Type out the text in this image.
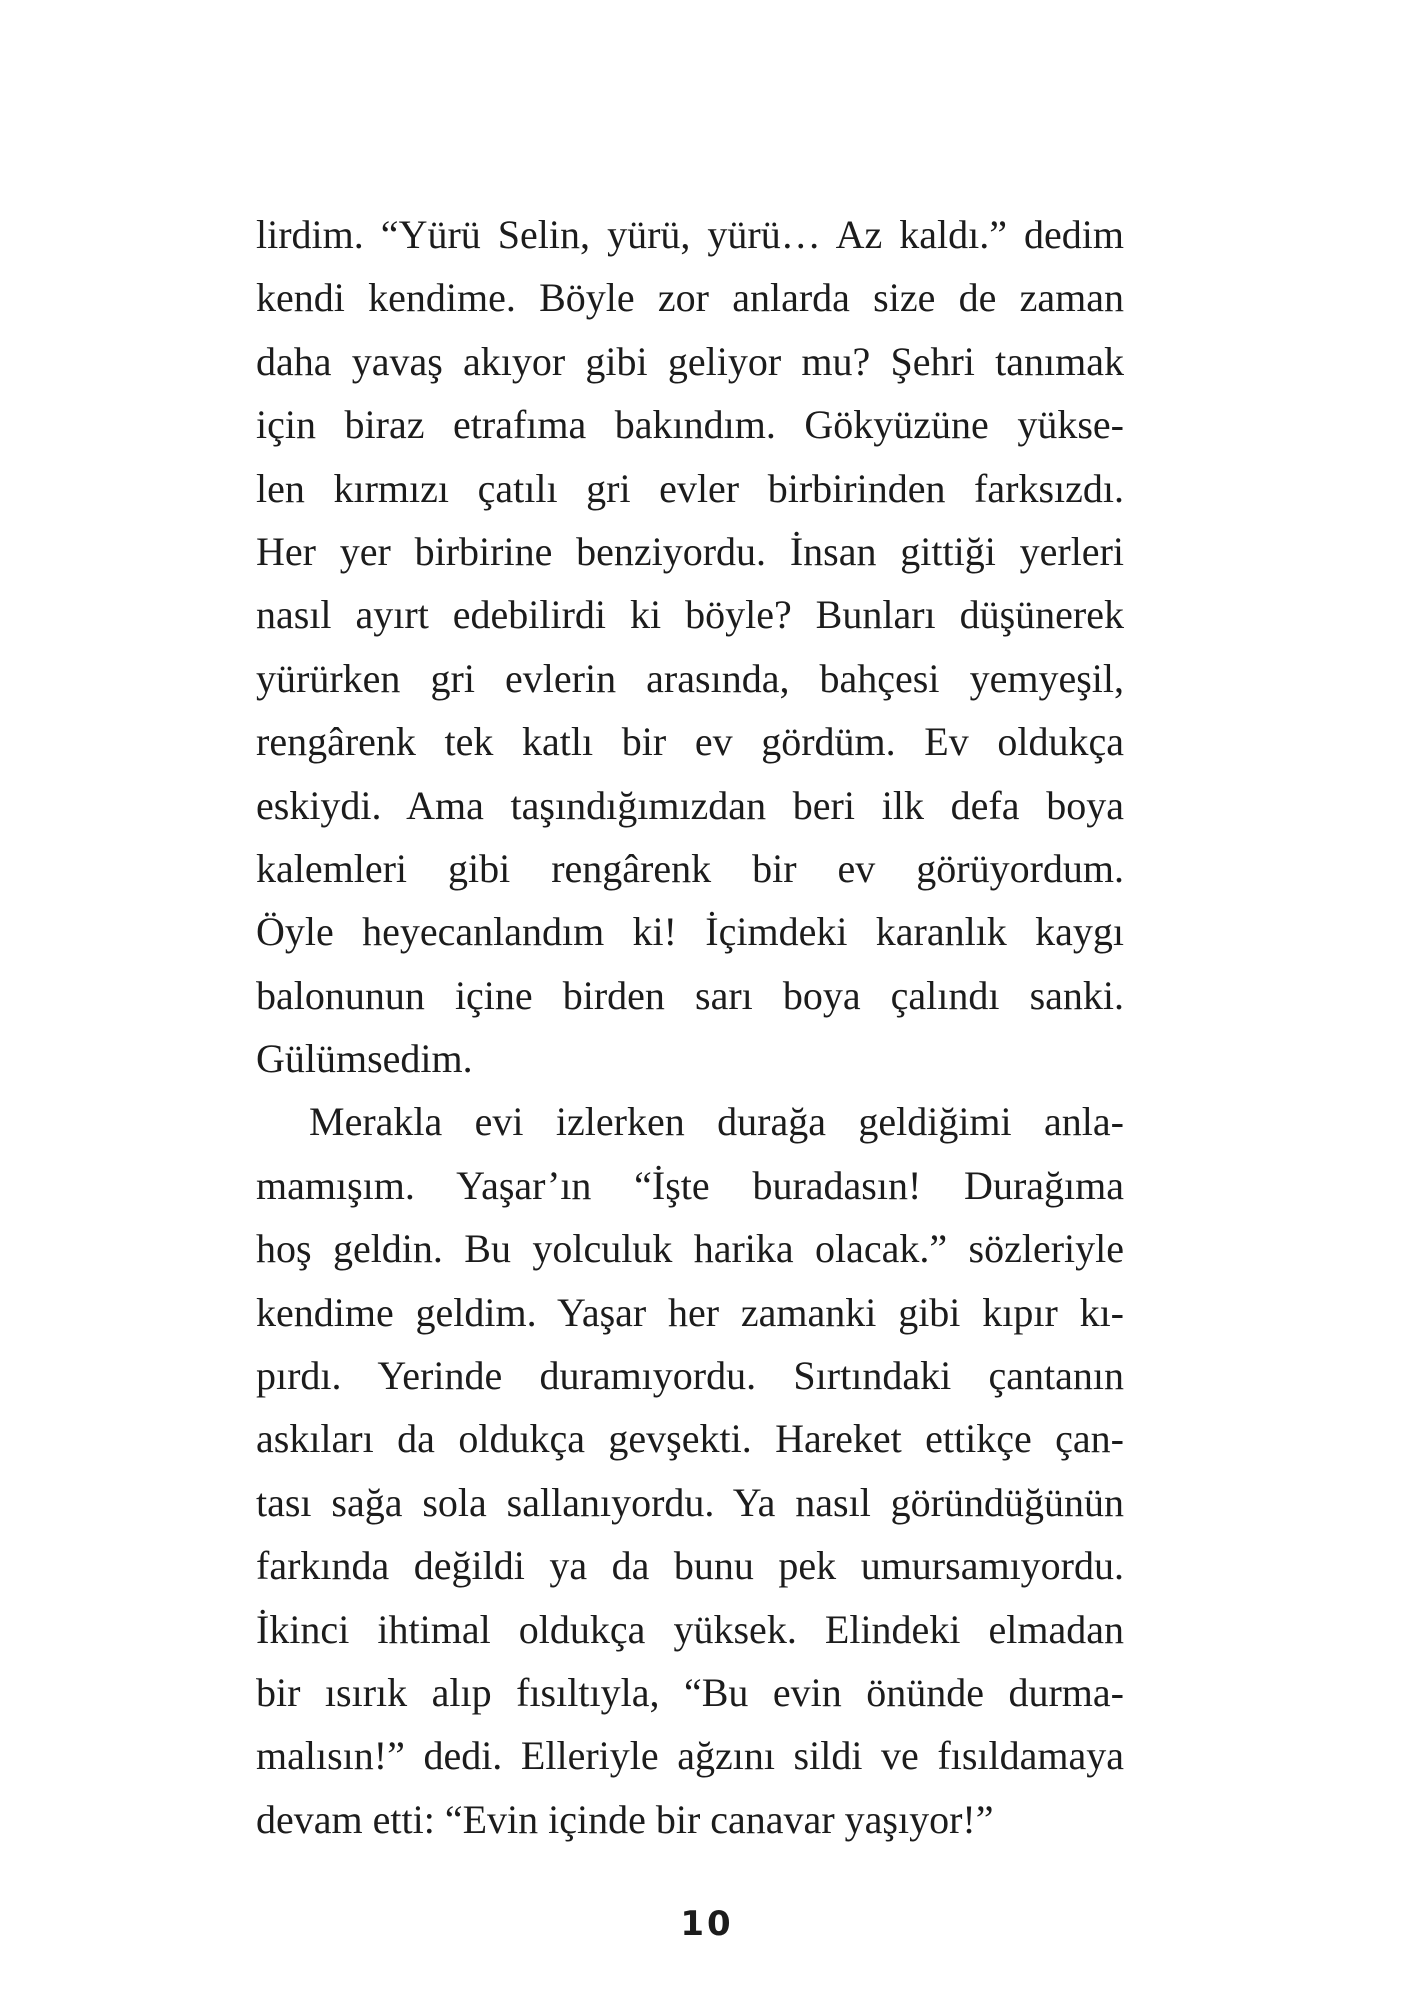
lirdim. “Yürü Selin, yürü, yürü… Az kaldı.” dedim
kendi kendime. Böyle zor anlarda size de zaman
daha yavaş akıyor gibi geliyor mu? Şehri tanımak
için biraz etrafıma bakındım. Gökyüzüne yükse-
len kırmızı çatılı gri evler birbirinden farksızdı.
Her yer birbirine benziyordu. İnsan gittiği yerleri
nasıl ayırt edebilirdi ki böyle? Bunları düşünerek
yürürken gri evlerin arasında, bahçesi yemyeşil,
rengârenk tek katlı bir ev gördüm. Ev oldukça
eskiydi. Ama taşındığımızdan beri ilk defa boya
kalemleri gibi rengârenk bir ev görüyordum.
Öyle heyecanlandım ki! İçimdeki karanlık kaygı
balonunun içine birden sarı boya çalındı sanki.
Gülümsedim.
Merakla evi izlerken durağa geldiğimi anla-
mamışım. Yaşar’ın “İşte buradasın! Durağıma
hoş geldin. Bu yolculuk harika olacak.” sözleriyle
kendime geldim. Yaşar her zamanki gibi kıpır kı-
pırdı. Yerinde duramıyordu. Sırtındaki çantanın
askıları da oldukça gevşekti. Hareket ettikçe çan-
tası sağa sola sallanıyordu. Ya nasıl göründüğünün
farkında değildi ya da bunu pek umursamıyordu.
İkinci ihtimal oldukça yüksek. Elindeki elmadan
bir ısırık alıp fısıltıyla, “Bu evin önünde durma-
malısın!” dedi. Elleriyle ağzını sildi ve fısıldamaya
devam etti: “Evin içinde bir canavar yaşıyor!”
10
